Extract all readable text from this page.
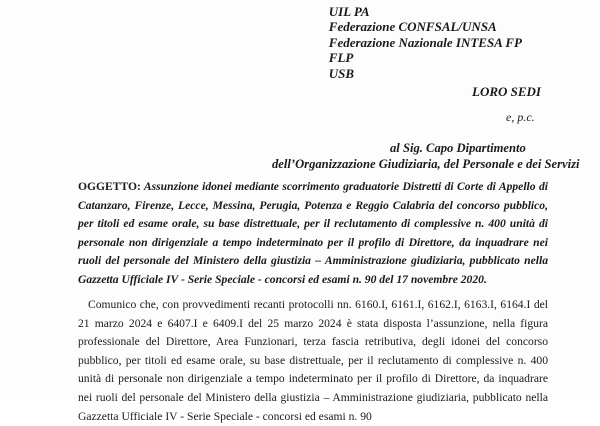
UIL PA
Federazione CONFSAL/UNSA
Federazione Nazionale INTESA FP
FLP
USB
LORO SEDI
e, p.c.
al Sig. Capo Dipartimento
dell’Organizzazione Giudiziaria, del Personale e dei Servizi
OGGETTO: Assunzione idonei mediante scorrimento graduatorie Distretti di Corte di Appello di Catanzaro, Firenze, Lecce, Messina, Perugia, Potenza e Reggio Calabria del concorso pubblico, per titoli ed esame orale, su base distrettuale, per il reclutamento di complessive n. 400 unità di personale non dirigenziale a tempo indeterminato per il profilo di Direttore, da inquadrare nei ruoli del personale del Ministero della giustizia – Amministrazione giudiziaria, pubblicato nella Gazzetta Ufficiale IV - Serie Speciale - concorsi ed esami n. 90 del 17 novembre 2020.
Comunico che, con provvedimenti recanti protocolli nn. 6160.I, 6161.I, 6162.I, 6163.I, 6164.I del 21 marzo 2024 e 6407.I e 6409.I del 25 marzo 2024 è stata disposta l’assunzione, nella figura professionale del Direttore, Area Funzionari, terza fascia retributiva, degli idonei del concorso pubblico, per titoli ed esame orale, su base distrettuale, per il reclutamento di complessive n. 400 unità di personale non dirigenziale a tempo indeterminato per il profilo di Direttore, da inquadrare nei ruoli del personale del Ministero della giustizia – Amministrazione giudiziaria, pubblicato nella Gazzetta Ufficiale IV - Serie Speciale - concorsi ed esami n. 90
